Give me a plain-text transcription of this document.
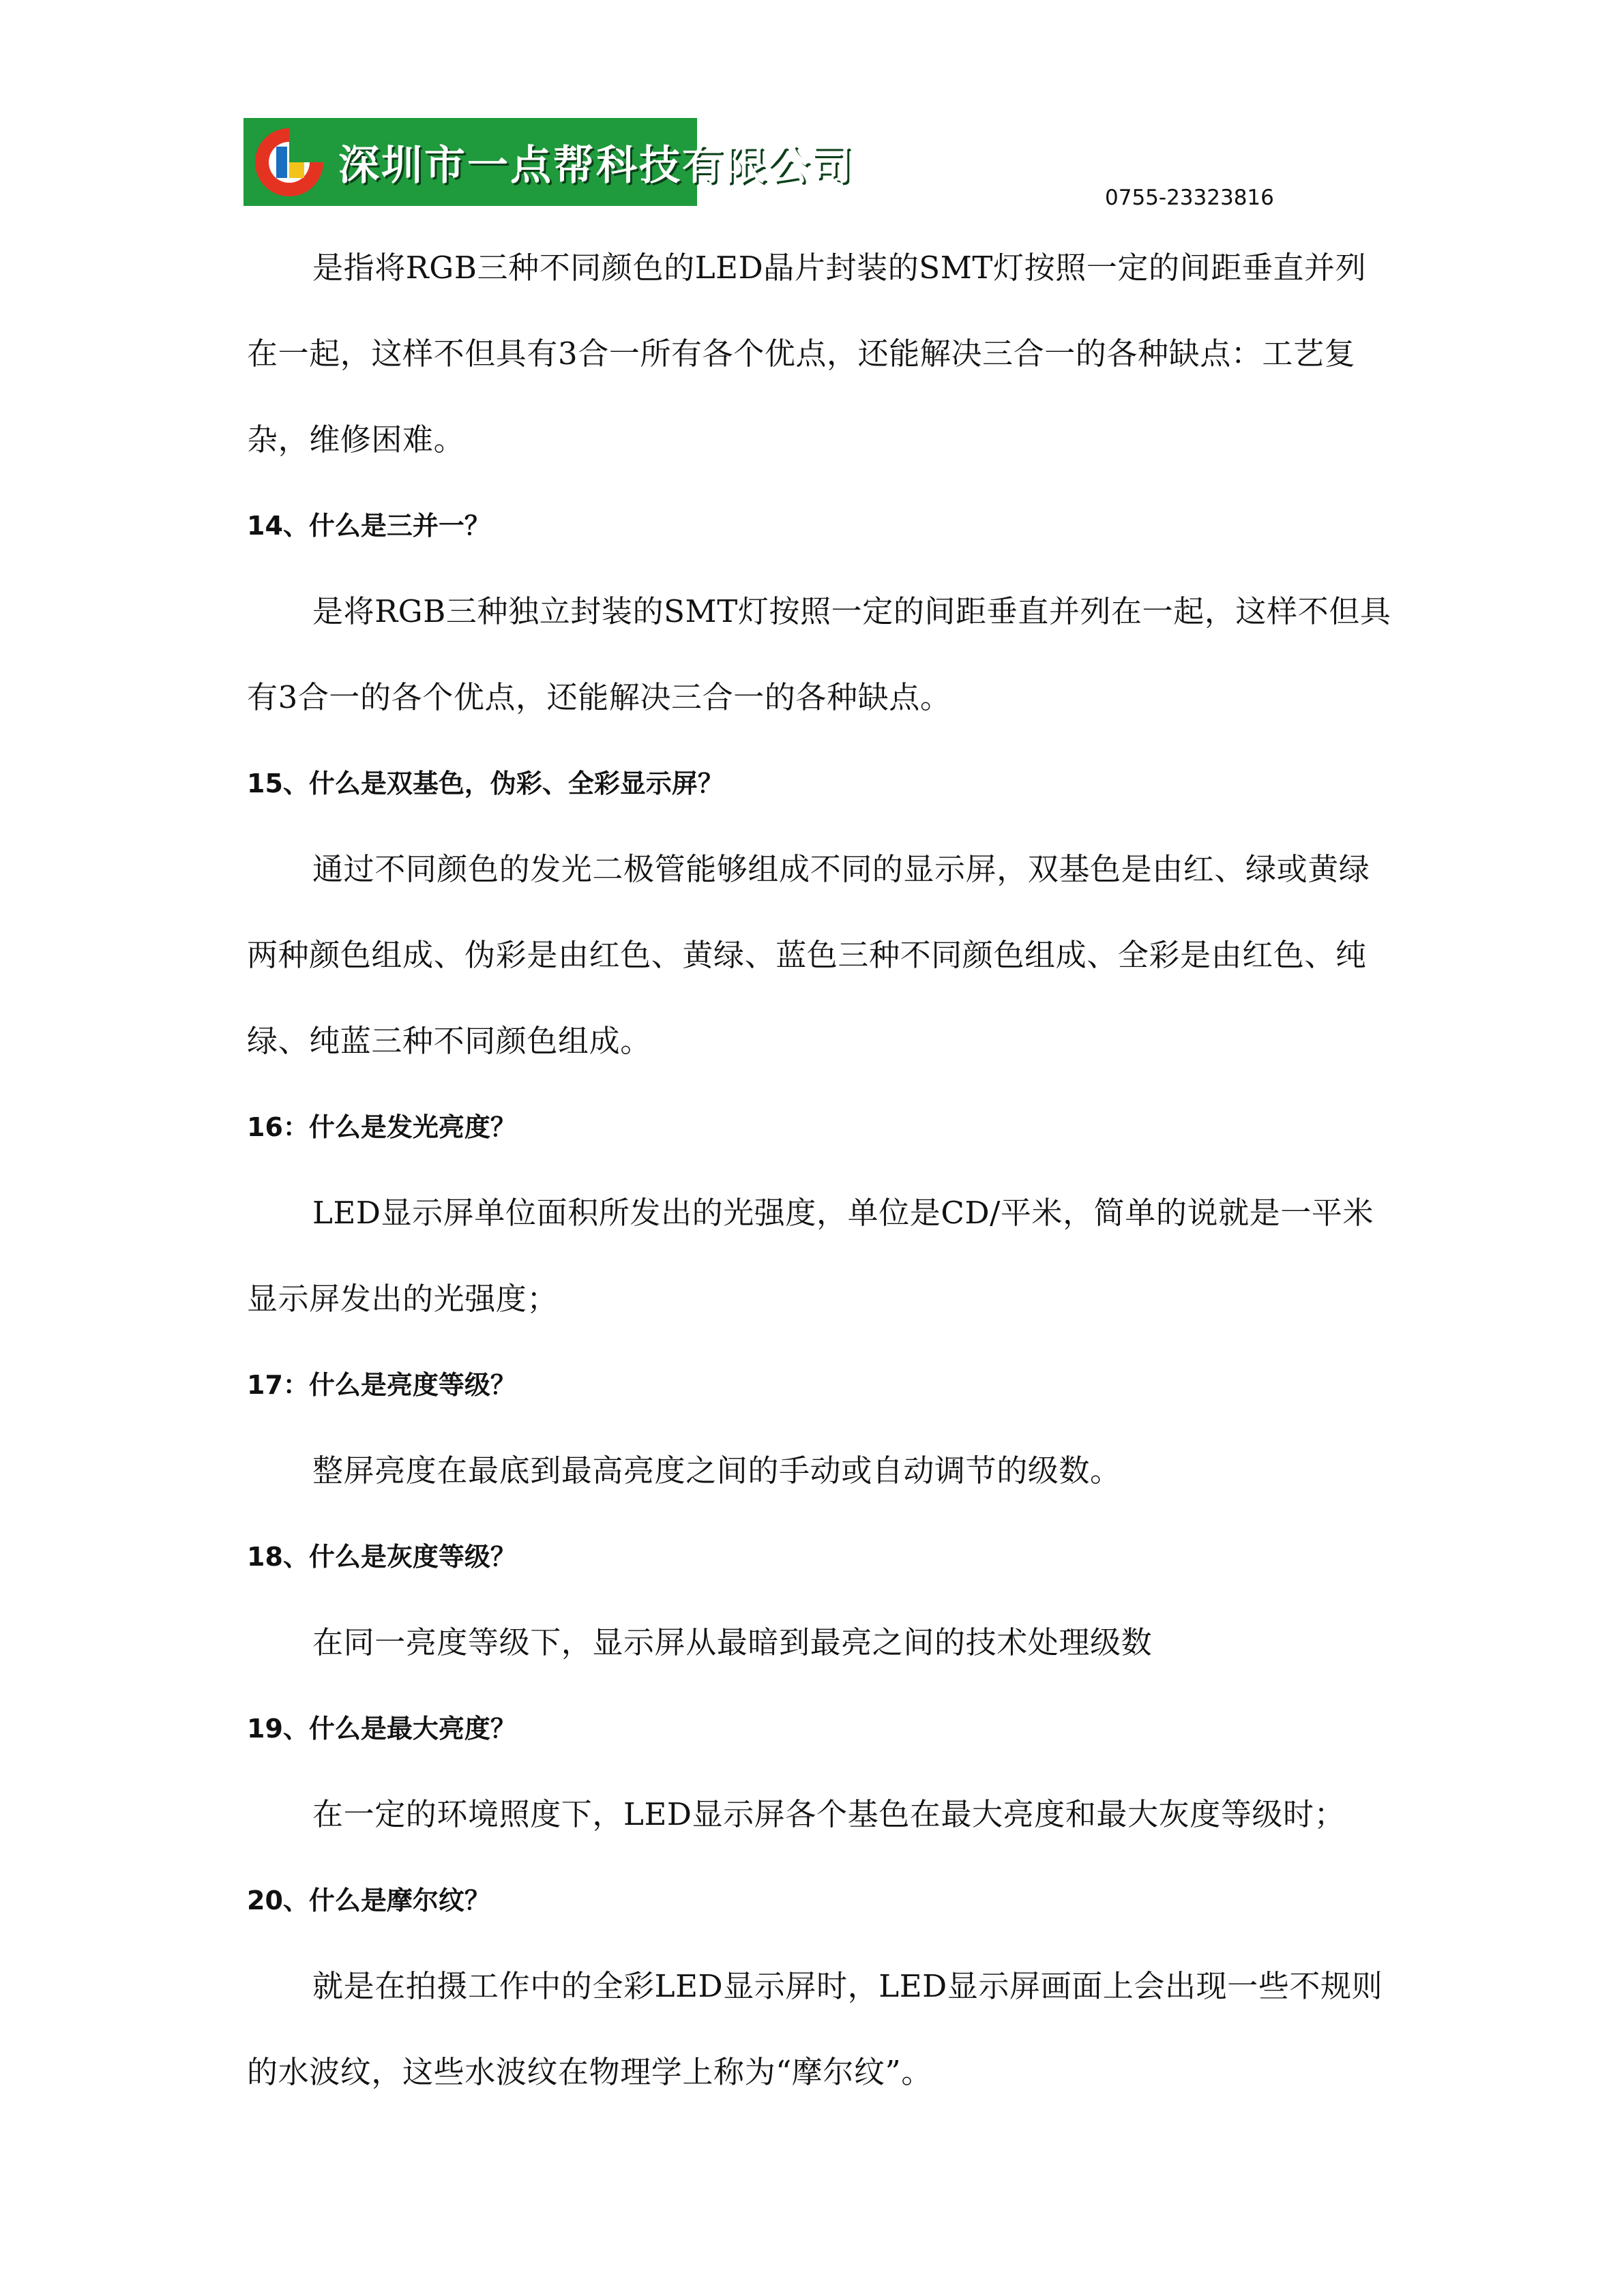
深圳市一点帮科技有限公司
0755-23323816

是指将RGB三种不同颜色的LED晶片封装的SMT灯按照一定的间距垂直并列在一起，这样不但具有3合一所有各个优点，还能解决三合一的各种缺点：工艺复杂，维修困难。

14、什么是三并一？

是将RGB三种独立封装的SMT灯按照一定的间距垂直并列在一起，这样不但具有3合一的各个优点，还能解决三合一的各种缺点。

15、什么是双基色，伪彩、全彩显示屏？

通过不同颜色的发光二极管能够组成不同的显示屏，双基色是由红、绿或黄绿两种颜色组成、伪彩是由红色、黄绿、蓝色三种不同颜色组成、全彩是由红色、纯绿、纯蓝三种不同颜色组成。

16：什么是发光亮度？

LED显示屏单位面积所发出的光强度，单位是CD/平米，简单的说就是一平米显示屏发出的光强度；

17：什么是亮度等级？

整屏亮度在最底到最高亮度之间的手动或自动调节的级数。

18、什么是灰度等级？

在同一亮度等级下，显示屏从最暗到最亮之间的技术处理级数

19、什么是最大亮度？

在一定的环境照度下，LED显示屏各个基色在最大亮度和最大灰度等级时；

20、什么是摩尔纹？

就是在拍摄工作中的全彩LED显示屏时，LED显示屏画面上会出现一些不规则的水波纹，这些水波纹在物理学上称为“摩尔纹”。
